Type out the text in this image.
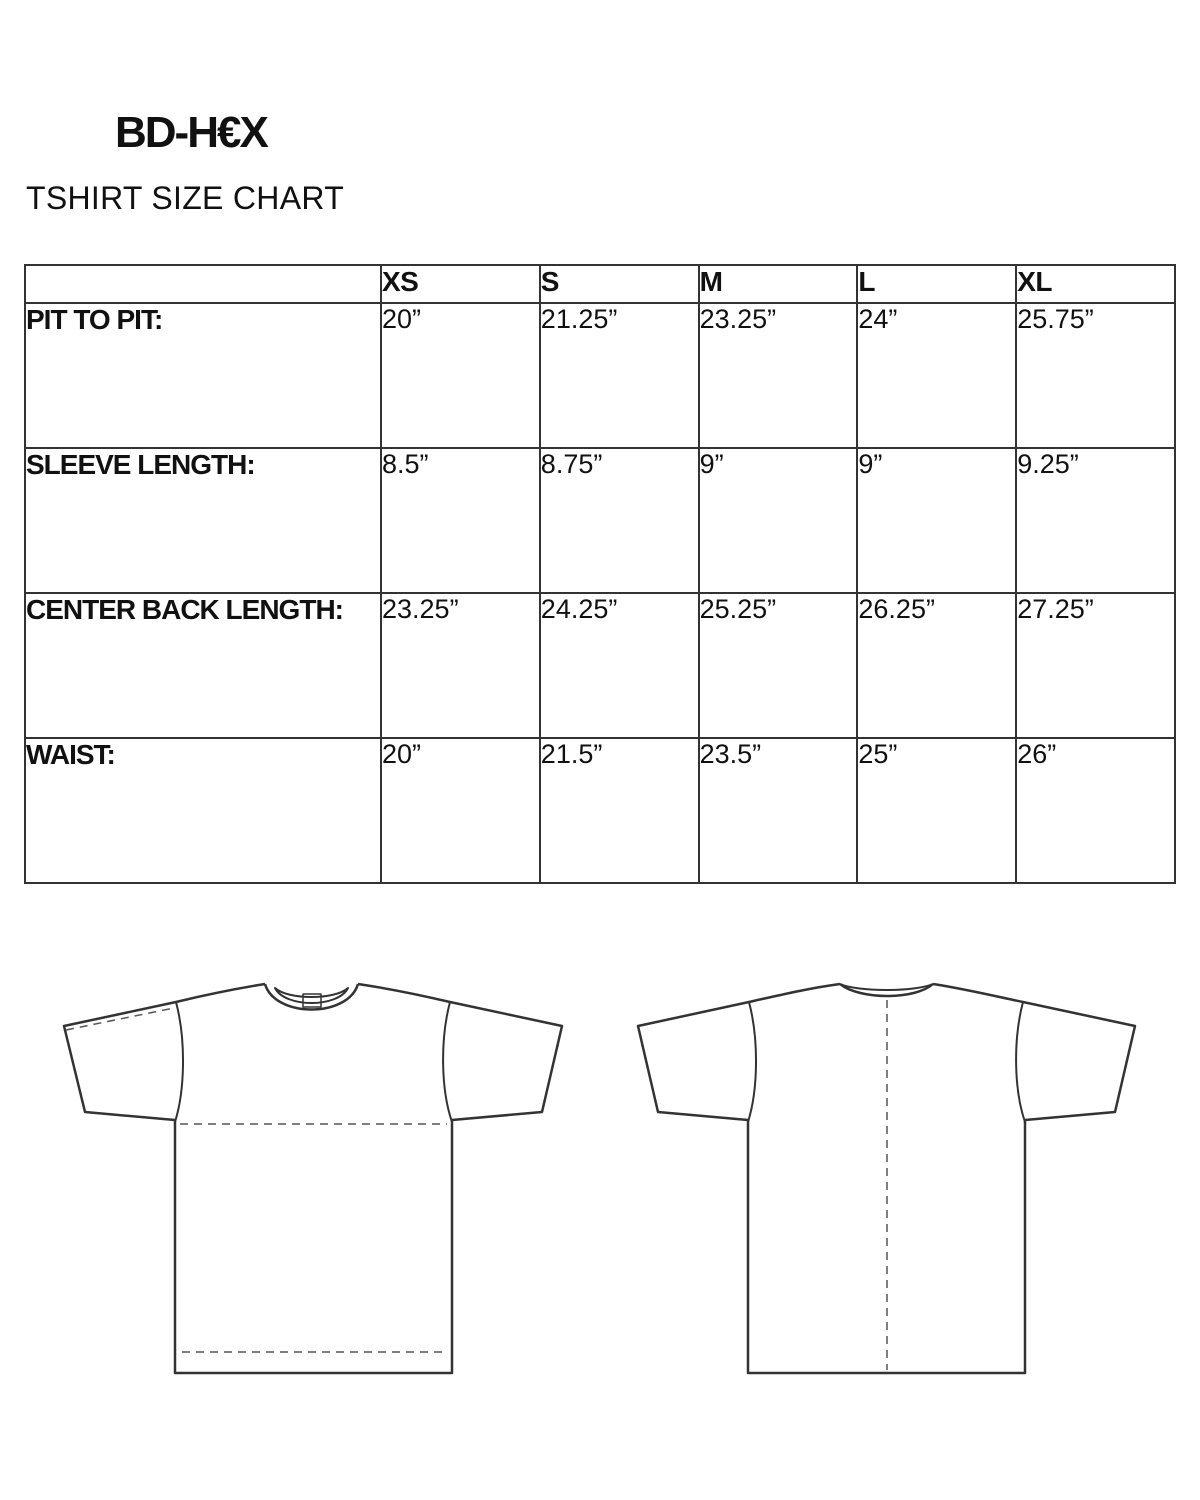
BD-H€X
TSHIRT SIZE CHART
	XS	S	M	L	XL
PIT TO PIT:	20”	21.25”	23.25”	24”	25.75”
SLEEVE LENGTH:	8.5”	8.75”	9”	9”	9.25”
CENTER BACK LENGTH:	23.25”	24.25”	25.25”	26.25”	27.25”
WAIST:	20”	21.5”	23.5”	25”	26”
